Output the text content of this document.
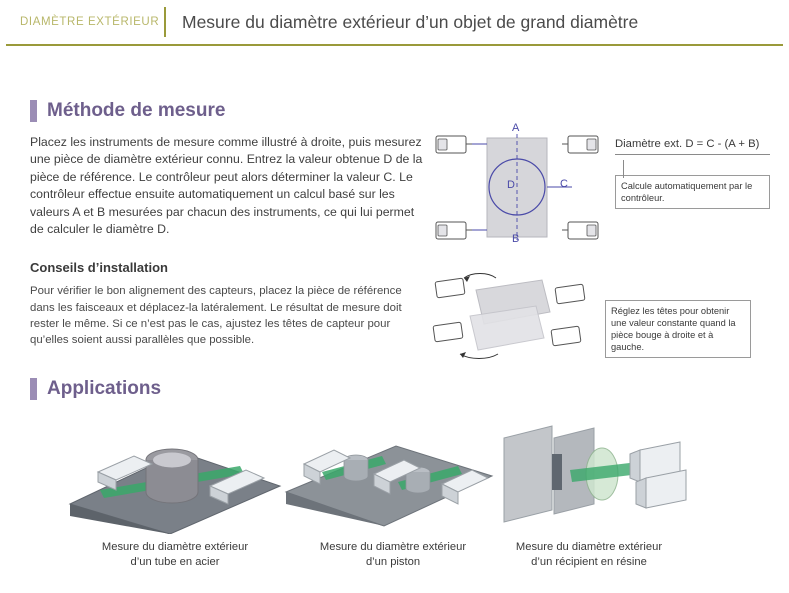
DIAMÈTRE EXTÉRIEUR	Mesure du diamètre extérieur d’un objet de grand diamètre
Méthode de mesure
Placez les instruments de mesure comme illustré à droite, puis mesurez une pièce de diamètre extérieur connu. Entrez la valeur obtenue D de la pièce de référence. Le contrôleur peut alors déterminer la valeur C. Le contrôleur effectue ensuite automatiquement un calcul basé sur les valeurs A et B mesurées par chacun des instruments, ce qui lui permet de calculer le diamètre D.
Conseils d’installation
Pour vérifier le bon alignement des capteurs, placez la pièce de référence dans les faisceaux et déplacez-la latéralement. Le résultat de mesure doit rester le même. Si ce n’est pas le cas, ajustez les têtes de capteur pour qu’elles soient aussi parallèles que possible.
A
B
C
D
Diamètre ext. D = C - (A + B)
Calcule automatiquement par le contrôleur.
Réglez les têtes pour obtenir une valeur constante quand la pièce bouge à droite et à gauche.
Applications
Mesure du diamètre extérieur
d’un tube en acier
Mesure du diamètre extérieur
d’un piston
Mesure du diamètre extérieur
d’un récipient en résine
